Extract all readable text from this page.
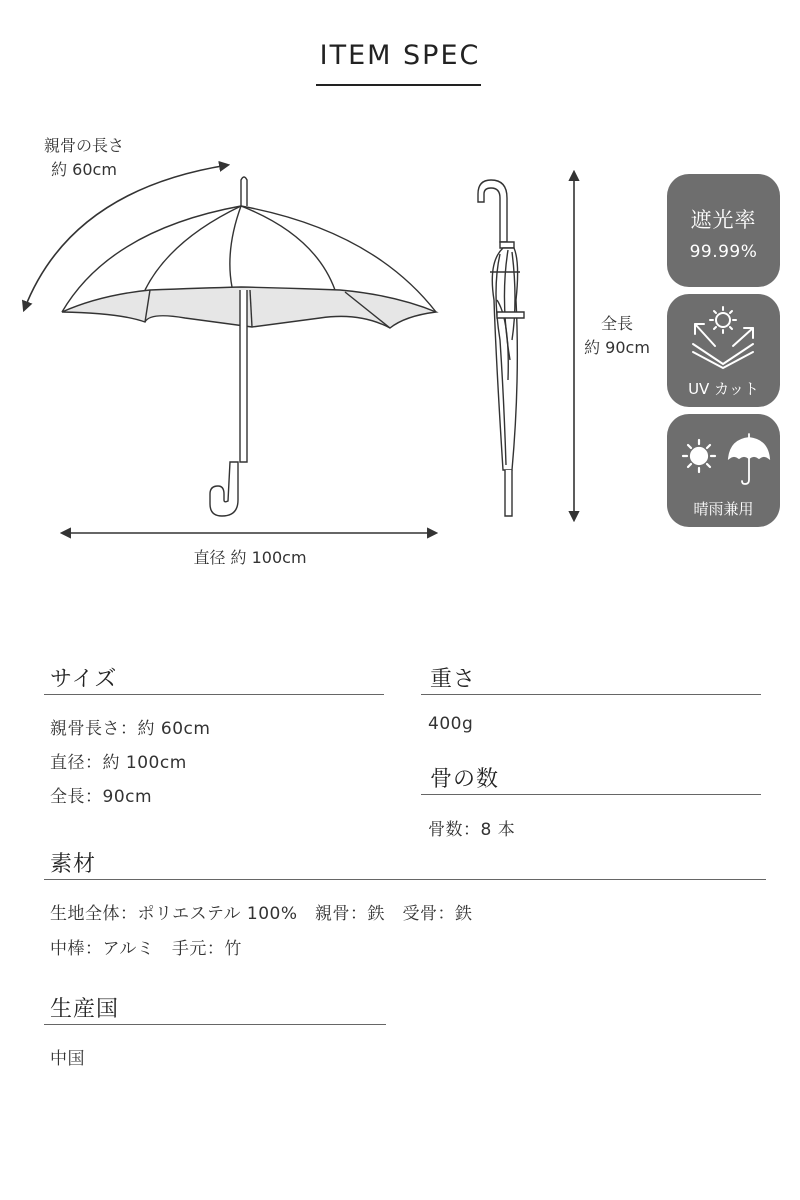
ITEM SPEC
親骨の長さ
約 60cm
直径 約 100cm
全長
約 90cm
遮光率
99.99%
UV カット
晴雨兼用
サイズ
親骨長さ：約 60cm
直径：約 100cm
全長：90cm
重さ
400g
骨の数
骨数：8 本
素材
生地全体：ポリエステル 100%　親骨：鉄　受骨：鉄
中棒：アルミ　手元：竹
生産国
中国
